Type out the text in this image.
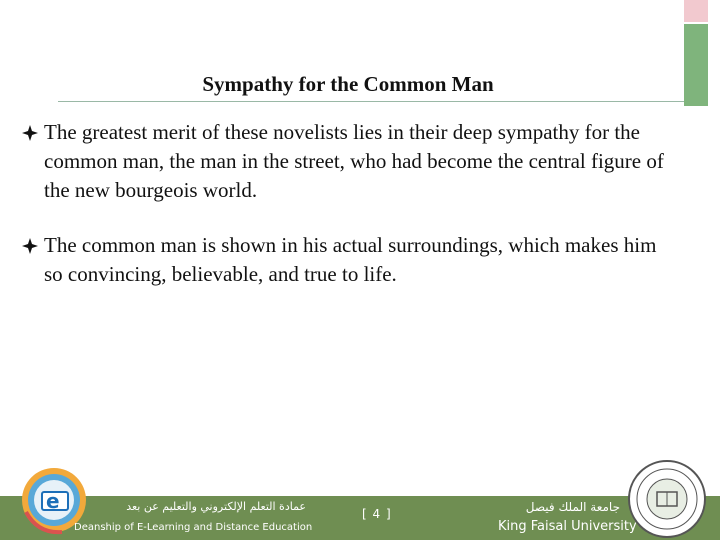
Sympathy for the Common Man
The greatest merit of these novelists lies in their deep sympathy for the common man, the man in the street, who had become the central figure of the new bourgeois world.
The common man is shown in his actual surroundings, which makes him so convincing, believable, and true to life.
e	عمادة التعلم الإلكتروني والتعليم عن بعد
Deanship of E-Learning and Distance Education
[ 4 ]	جامعة الملك فيصل
King Faisal University
